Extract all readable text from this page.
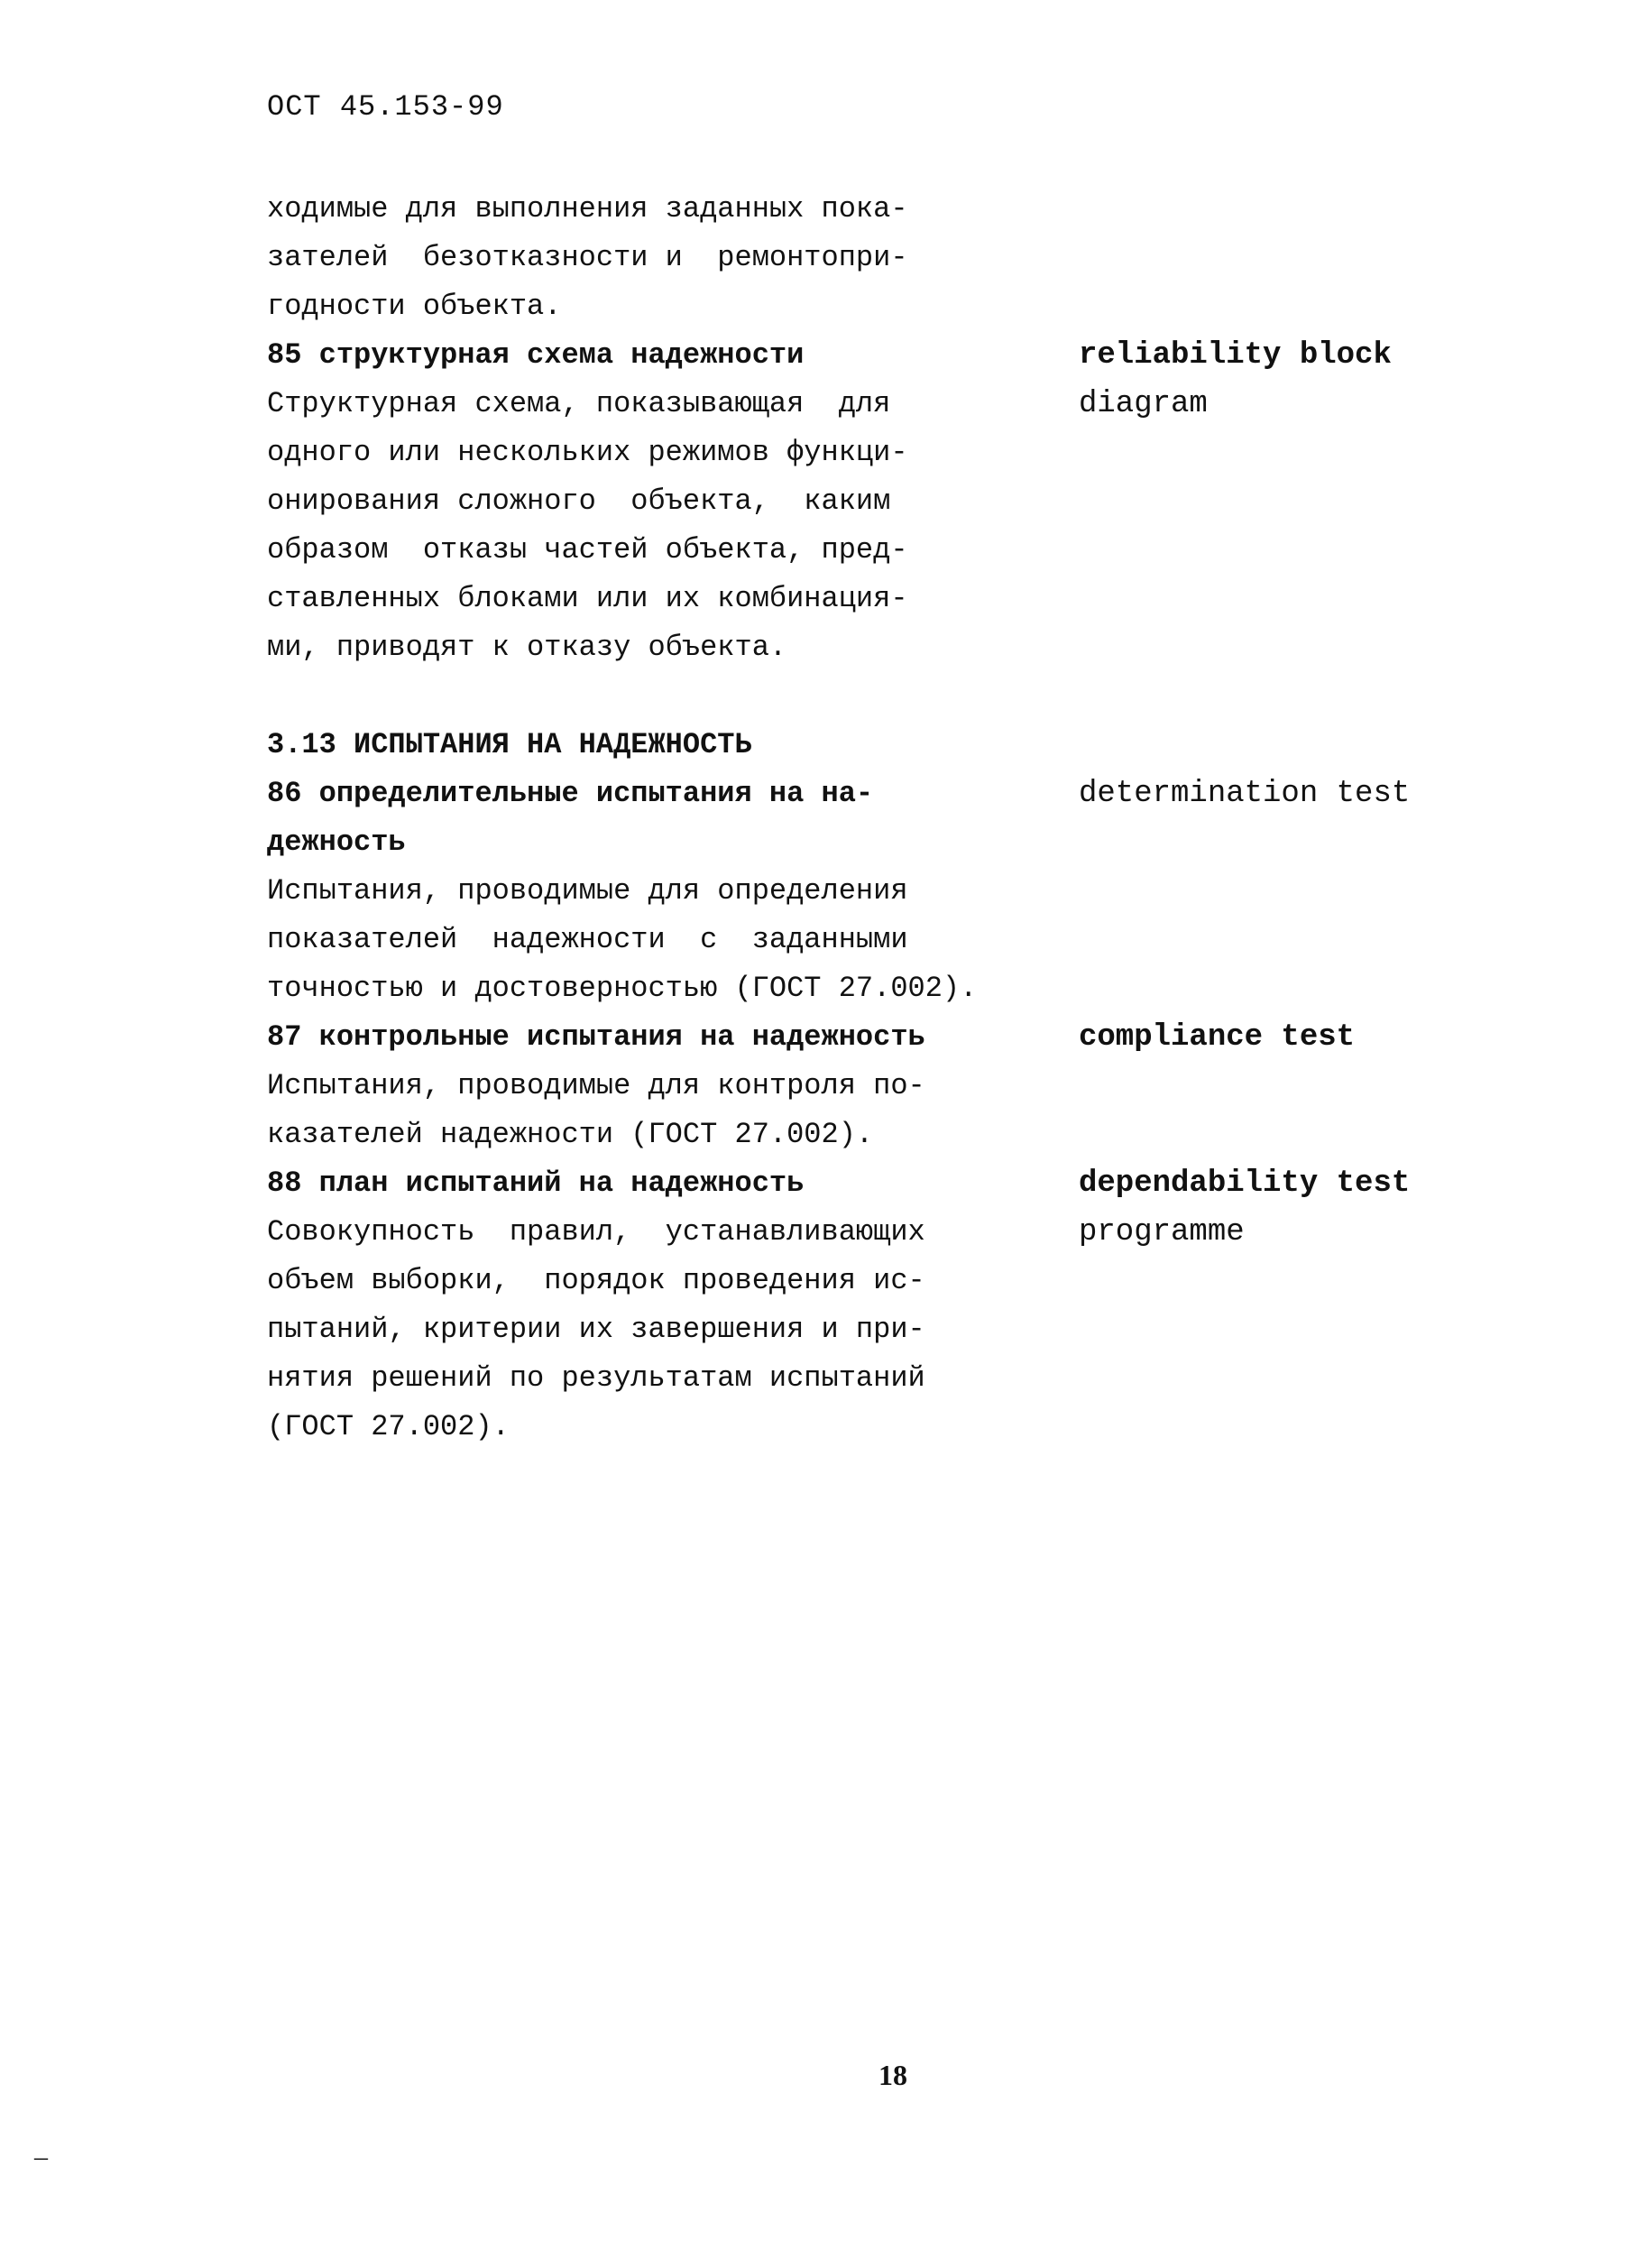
ОСТ 45.153-99
ходимые для выполнения заданных пока-
зателей  безотказности и  ремонтопри-
годности объекта.
85 структурная схема надежности	reliability block
diagram
Структурная схема, показывающая  для
одного или нескольких режимов функци-
онирования сложного  объекта,  каким
образом  отказы частей объекта, пред-
ставленных блоками или их комбинация-
ми, приводят к отказу объекта.
3.13 ИСПЫТАНИЯ НА НАДЕЖНОСТЬ
86 определительные испытания на на-	determination test
дежность
Испытания, проводимые для определения
показателей  надежности  с  заданными
точностью и достоверностью (ГОСТ 27.002).
87 контрольные испытания на надежность	compliance test
Испытания, проводимые для контроля по-
казателей надежности (ГОСТ 27.002).
88 план испытаний на надежность	dependability test
programme
Совокупность  правил,  устанавливающих
объем выборки,  порядок проведения ис-
пытаний, критерии их завершения и при-
нятия решений по результатам испытаний
(ГОСТ 27.002).
18
–
